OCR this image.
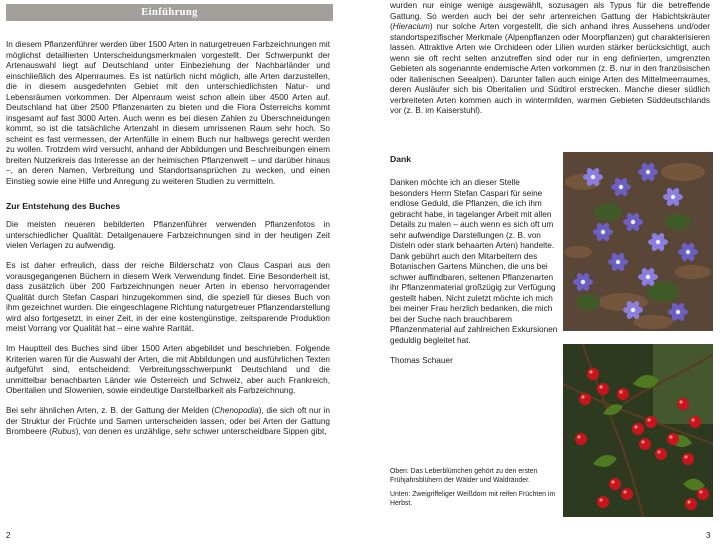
Einführung

In diesem Pflanzenführer werden über 1500 Arten in naturgetreuen Farbzeichnungen mit möglichst detaillierten Unterscheidungsmerkmalen vorgestellt. Der Schwerpunkt der Artenauswahl liegt auf Deutschland unter Einbeziehung der Nachbarländer und einschließlich des Alpenraumes. Es ist natürlich nicht möglich, alle Arten darzustellen, die in diesem ausgedehnten Gebiet mit den unterschiedlichsten Natur- und Lebensräumen vorkommen. Der Alpenraum weist schon allein über 4500 Arten auf. Deutschland hat über 2500 Pflanzenarten zu bieten und die Flora Österreichs kommt insgesamt auf fast 3000 Arten. Auch wenn es bei diesen Zahlen zu Überschneidungen kommt, so ist die tatsächliche Artenzahl in diesem umrissenen Raum sehr hoch. So scheint es fast vermessen, der Artenfülle in einem Buch nur halbwegs gerecht werden zu wollen. Trotzdem wird versucht, anhand der Abbildungen und Beschreibungen einem breiten Nutzerkreis das Interesse an der heimischen Pflanzenwelt – und darüber hinaus –, an deren Namen, Verbreitung und Standortsansprüchen zu wecken, und einen Einstieg sowie eine Hilfe und Anregung zu weiteren Studien zu vermitteln.

Zur Entstehung des Buches

Die meisten neueren bebilderten Pflanzenführer verwenden Pflanzenfotos in unterschiedlicher Qualität. Detailgenauere Farbzeichnungen sind in der heutigen Zeit vielen Verlagen zu aufwendig.

Es ist daher erfreulich, dass der reiche Bilderschatz von Claus Caspari aus den vorausgegangenen Büchern in diesem Werk Verwendung findet. Eine Besonderheit ist, dass zusätzlich über 200 Farbzeichnungen neuer Arten in ebenso hervorragender Qualität durch Stefan Caspari hinzugekommen sind, die speziell für dieses Buch von ihm gezeichnet wurden. Die eingeschlagene Richtung naturgetreuer Pflanzendarstellung wird also fortgesetzt, in einer Zeit, in der eine kostengünstige, zeitsparende Produktion meist Vorrang vor Qualität hat – eine wahre Rarität.

Im Hauptteil des Buches sind über 1500 Arten abgebildet und beschrieben. Folgende Kriterien waren für die Auswahl der Arten, die mit Abbildungen und ausführlichen Texten aufgeführt sind, entscheidend: Verbreitungsschwerpunkt Deutschland und die unmittelbar benachbarten Länder wie Österreich und Schweiz, aber auch Frankreich, Oberitalien und Slowenien, sowie eindeutige Darstellbarkeit als Farbzeichnung.

Bei sehr ähnlichen Arten, z. B. der Gattung der Melden (Chenopodia), die sich oft nur in der Struktur der Früchte und Samen unterscheiden lassen, oder bei Arten der Gattung Brombeere (Rubus), von denen es unzählige, sehr schwer unterscheidbare Sippen gibt,

2

wurden nur einige wenige ausgewählt, sozusagen als Typus für die betreffende Gattung. So werden auch bei der sehr artenreichen Gattung der Habichtskräuter (Hieracium) nur solche Arten vorgestellt, die sich anhand ihres Aussehens und/oder standortspezifischer Merkmale (Alpenpflanzen oder Moorpflanzen) gut charakterisieren lassen. Attraktive Arten wie Orchideen oder Lilien wurden stärker berücksichtigt, auch wenn sie oft recht selten anzutreffen sind oder nur in eng definierten, umgrenzten Gebieten als sogenannte endemische Arten vorkommen (z. B. nur in den französischen oder italienischen Seealpen). Darunter fallen auch einige Arten des Mittelmeerraumes, deren Ausläufer sich bis Oberitalien und Südtirol erstrecken. Manche dieser südlich verbreiteten Arten kommen auch in wintermilden, warmen Gebieten Süddeutschlands vor (z. B. im Kaiserstuhl).

Dank

Danken möchte ich an dieser Stelle besonders Herrn Stefan Caspari für seine endlose Geduld, die Pflanzen, die ich ihm gebracht habe, in tagelanger Arbeit mit allen Details zu malen – auch wenn es sich oft um sehr aufwendige Darstellungen (z. B. von Disteln oder stark behaarten Arten) handelte. Dank gebührt auch den Mitarbeitern des Botanischen Gartens München, die uns bei schwer auffindbaren, seltenen Pflanzenarten ihr Pflanzenmaterial großzügig zur Verfügung gestellt haben. Nicht zuletzt möchte ich mich bei meiner Frau herzlich bedanken, die mich bei der Suche nach brauchbarem Pflanzenmaterial auf zahlreichen Exkursionen geduldig begleitet hat.

Thomas Schauer

Oben: Das Leberblümchen gehört zu den ersten Frühjahrsblühern der Wälder und Waldränder.

Unten: Zweigriffeliger Weißdorn mit reifen Früchten im Herbst.

3
